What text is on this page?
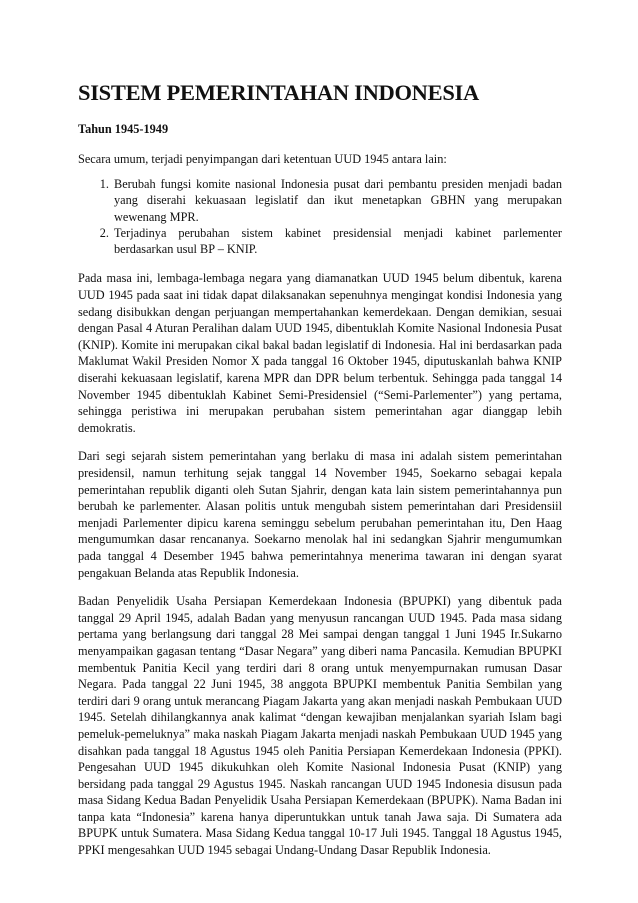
SISTEM PEMERINTAHAN INDONESIA
Tahun 1945-1949
Secara umum, terjadi penyimpangan dari ketentuan UUD 1945 antara lain:
1. Berubah fungsi komite nasional Indonesia pusat dari pembantu presiden menjadi badan yang diserahi kekuasaan legislatif dan ikut menetapkan GBHN yang merupakan wewenang MPR.
2. Terjadinya perubahan sistem kabinet presidensial menjadi kabinet parlementer berdasarkan usul BP – KNIP.

Pada masa ini, lembaga-lembaga negara yang diamanatkan UUD 1945 belum dibentuk, karena UUD 1945 pada saat ini tidak dapat dilaksanakan sepenuhnya mengingat kondisi Indonesia yang sedang disibukkan dengan perjuangan mempertahankan kemerdekaan. Dengan demikian, sesuai dengan Pasal 4 Aturan Peralihan dalam UUD 1945, dibentuklah Komite Nasional Indonesia Pusat (KNIP). Komite ini merupakan cikal bakal badan legislatif di Indonesia. Hal ini berdasarkan pada Maklumat Wakil Presiden Nomor X pada tanggal 16 Oktober 1945, diputuskanlah bahwa KNIP diserahi kekuasaan legislatif, karena MPR dan DPR belum terbentuk. Sehingga pada tanggal 14 November 1945 dibentuklah Kabinet Semi-Presidensiel (“Semi-Parlementer”) yang pertama, sehingga peristiwa ini merupakan perubahan sistem pemerintahan agar dianggap lebih demokratis.

Dari segi sejarah sistem pemerintahan yang berlaku di masa ini adalah sistem pemerintahan presidensil, namun terhitung sejak tanggal 14 November 1945, Soekarno sebagai kepala pemerintahan republik diganti oleh Sutan Sjahrir, dengan kata lain sistem pemerintahannya pun berubah ke parlementer. Alasan politis untuk mengubah sistem pemerintahan dari Presidensiil menjadi Parlementer dipicu karena seminggu sebelum perubahan pemerintahan itu, Den Haag mengumumkan dasar rencananya. Soekarno menolak hal ini sedangkan Sjahrir mengumumkan pada tanggal 4 Desember 1945 bahwa pemerintahnya menerima tawaran ini dengan syarat pengakuan Belanda atas Republik Indonesia.

Badan Penyelidik Usaha Persiapan Kemerdekaan Indonesia (BPUPKI) yang dibentuk pada tanggal 29 April 1945, adalah Badan yang menyusun rancangan UUD 1945. Pada masa sidang pertama yang berlangsung dari tanggal 28 Mei sampai dengan tanggal 1 Juni 1945 Ir.Sukarno menyampaikan gagasan tentang “Dasar Negara” yang diberi nama Pancasila. Kemudian BPUPKI membentuk Panitia Kecil yang terdiri dari 8 orang untuk menyempurnakan rumusan Dasar Negara. Pada tanggal 22 Juni 1945, 38 anggota BPUPKI membentuk Panitia Sembilan yang terdiri dari 9 orang untuk merancang Piagam Jakarta yang akan menjadi naskah Pembukaan UUD 1945. Setelah dihilangkannya anak kalimat “dengan kewajiban menjalankan syariah Islam bagi pemeluk-pemeluknya” maka naskah Piagam Jakarta menjadi naskah Pembukaan UUD 1945 yang disahkan pada tanggal 18 Agustus 1945 oleh Panitia Persiapan Kemerdekaan Indonesia (PPKI). Pengesahan UUD 1945 dikukuhkan oleh Komite Nasional Indonesia Pusat (KNIP) yang bersidang pada tanggal 29 Agustus 1945. Naskah rancangan UUD 1945 Indonesia disusun pada masa Sidang Kedua Badan Penyelidik Usaha Persiapan Kemerdekaan (BPUPK). Nama Badan ini tanpa kata “Indonesia” karena hanya diperuntukkan untuk tanah Jawa saja. Di Sumatera ada BPUPK untuk Sumatera. Masa Sidang Kedua tanggal 10-17 Juli 1945. Tanggal 18 Agustus 1945, PPKI mengesahkan UUD 1945 sebagai Undang-Undang Dasar Republik Indonesia.
